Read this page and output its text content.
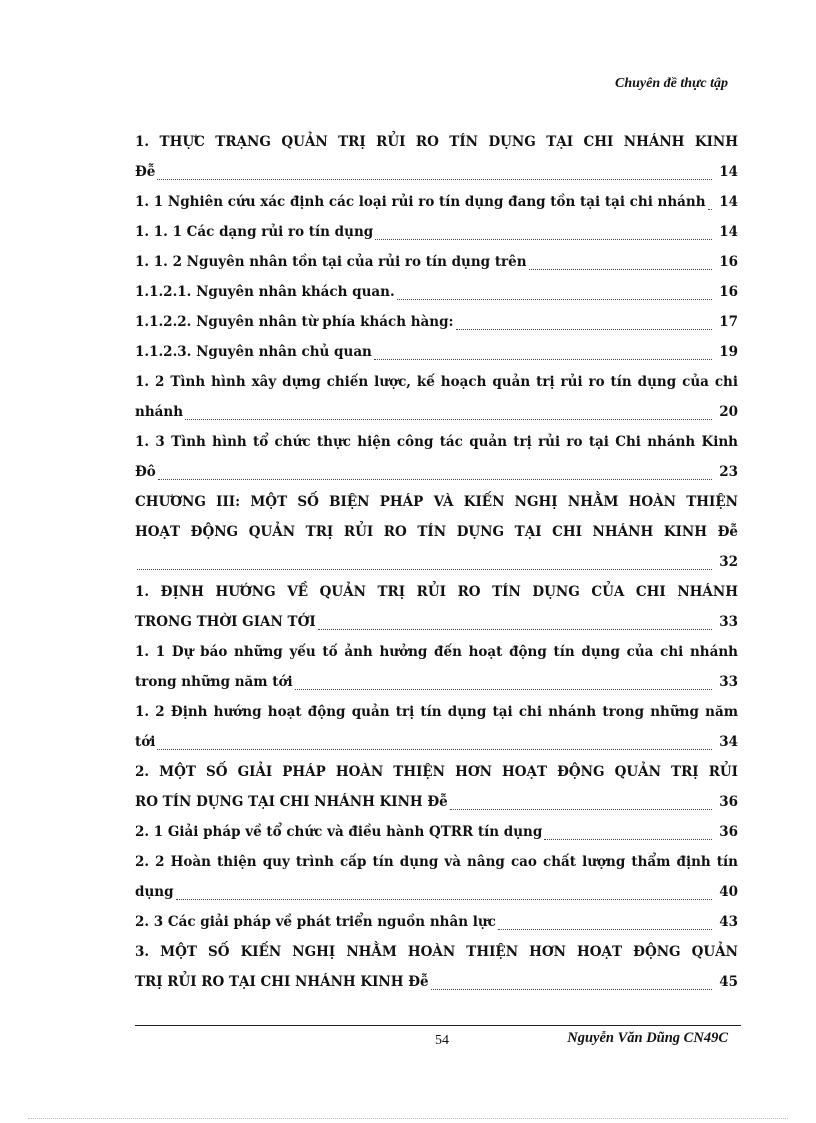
Chuyên đề thực tập
1. THỰC TRẠNG QUẢN TRỊ RỦI RO TÍN DỤNG TẠI CHI NHÁNH KINH
Đễ	14
1. 1 Nghiên cứu xác định các loại rủi ro tín dụng đang tồn tại tại chi nhánh 14
1. 1. 1 Các dạng rủi ro tín dụng	14
1. 1. 2 Nguyên nhân tồn tại của rủi ro tín dụng trên	16
1.1.2.1. Nguyên nhân khách quan.	16
1.1.2.2. Nguyên nhân từ phía khách hàng:	17
1.1.2.3. Nguyên nhân chủ quan	19
1. 2 Tình hình xây dựng chiến lược, kế hoạch quản trị rủi ro tín dụng của chi
nhánh	20
1. 3 Tình hình tổ chức thực hiện công tác quản trị rủi ro tại Chi nhánh Kinh
Đô	23
CHƯƠNG III: MỘT SỐ BIỆN PHÁP VÀ KIẾN NGHỊ NHẰM HOÀN THIỆN
HOẠT ĐỘNG QUẢN TRỊ RỦI RO TÍN DỤNG TẠI CHI NHÁNH KINH Đễ
32
1. ĐỊNH HƯỚNG VỀ QUẢN TRỊ RỦI RO TÍN DỤNG CỦA CHI NHÁNH
TRONG THỜI GIAN TỚI	33
1. 1 Dự báo những yếu tố ảnh hưởng đến hoạt động tín dụng của chi nhánh
trong những năm tới	33
1. 2 Định hướng hoạt động quản trị tín dụng tại chi nhánh trong những năm
tới	34
2. MỘT SỐ GIẢI PHÁP HOÀN THIỆN HƠN HOẠT ĐỘNG QUẢN TRỊ RỦI
RO TÍN DỤNG TẠI CHI NHÁNH KINH Đễ	36
2. 1 Giải pháp về tổ chức và điều hành QTRR tín dụng	36
2. 2 Hoàn thiện quy trình cấp tín dụng và nâng cao chất lượng thẩm định tín
dụng	40
2. 3 Các giải pháp về phát triển nguồn nhân lực	43
3. MỘT SỐ KIẾN NGHỊ NHẰM HOÀN THIỆN HƠN HOẠT ĐỘNG QUẢN
TRỊ RỦI RO TẠI CHI NHÁNH KINH Đễ	45
54	Nguyễn Văn Dũng CN49C
